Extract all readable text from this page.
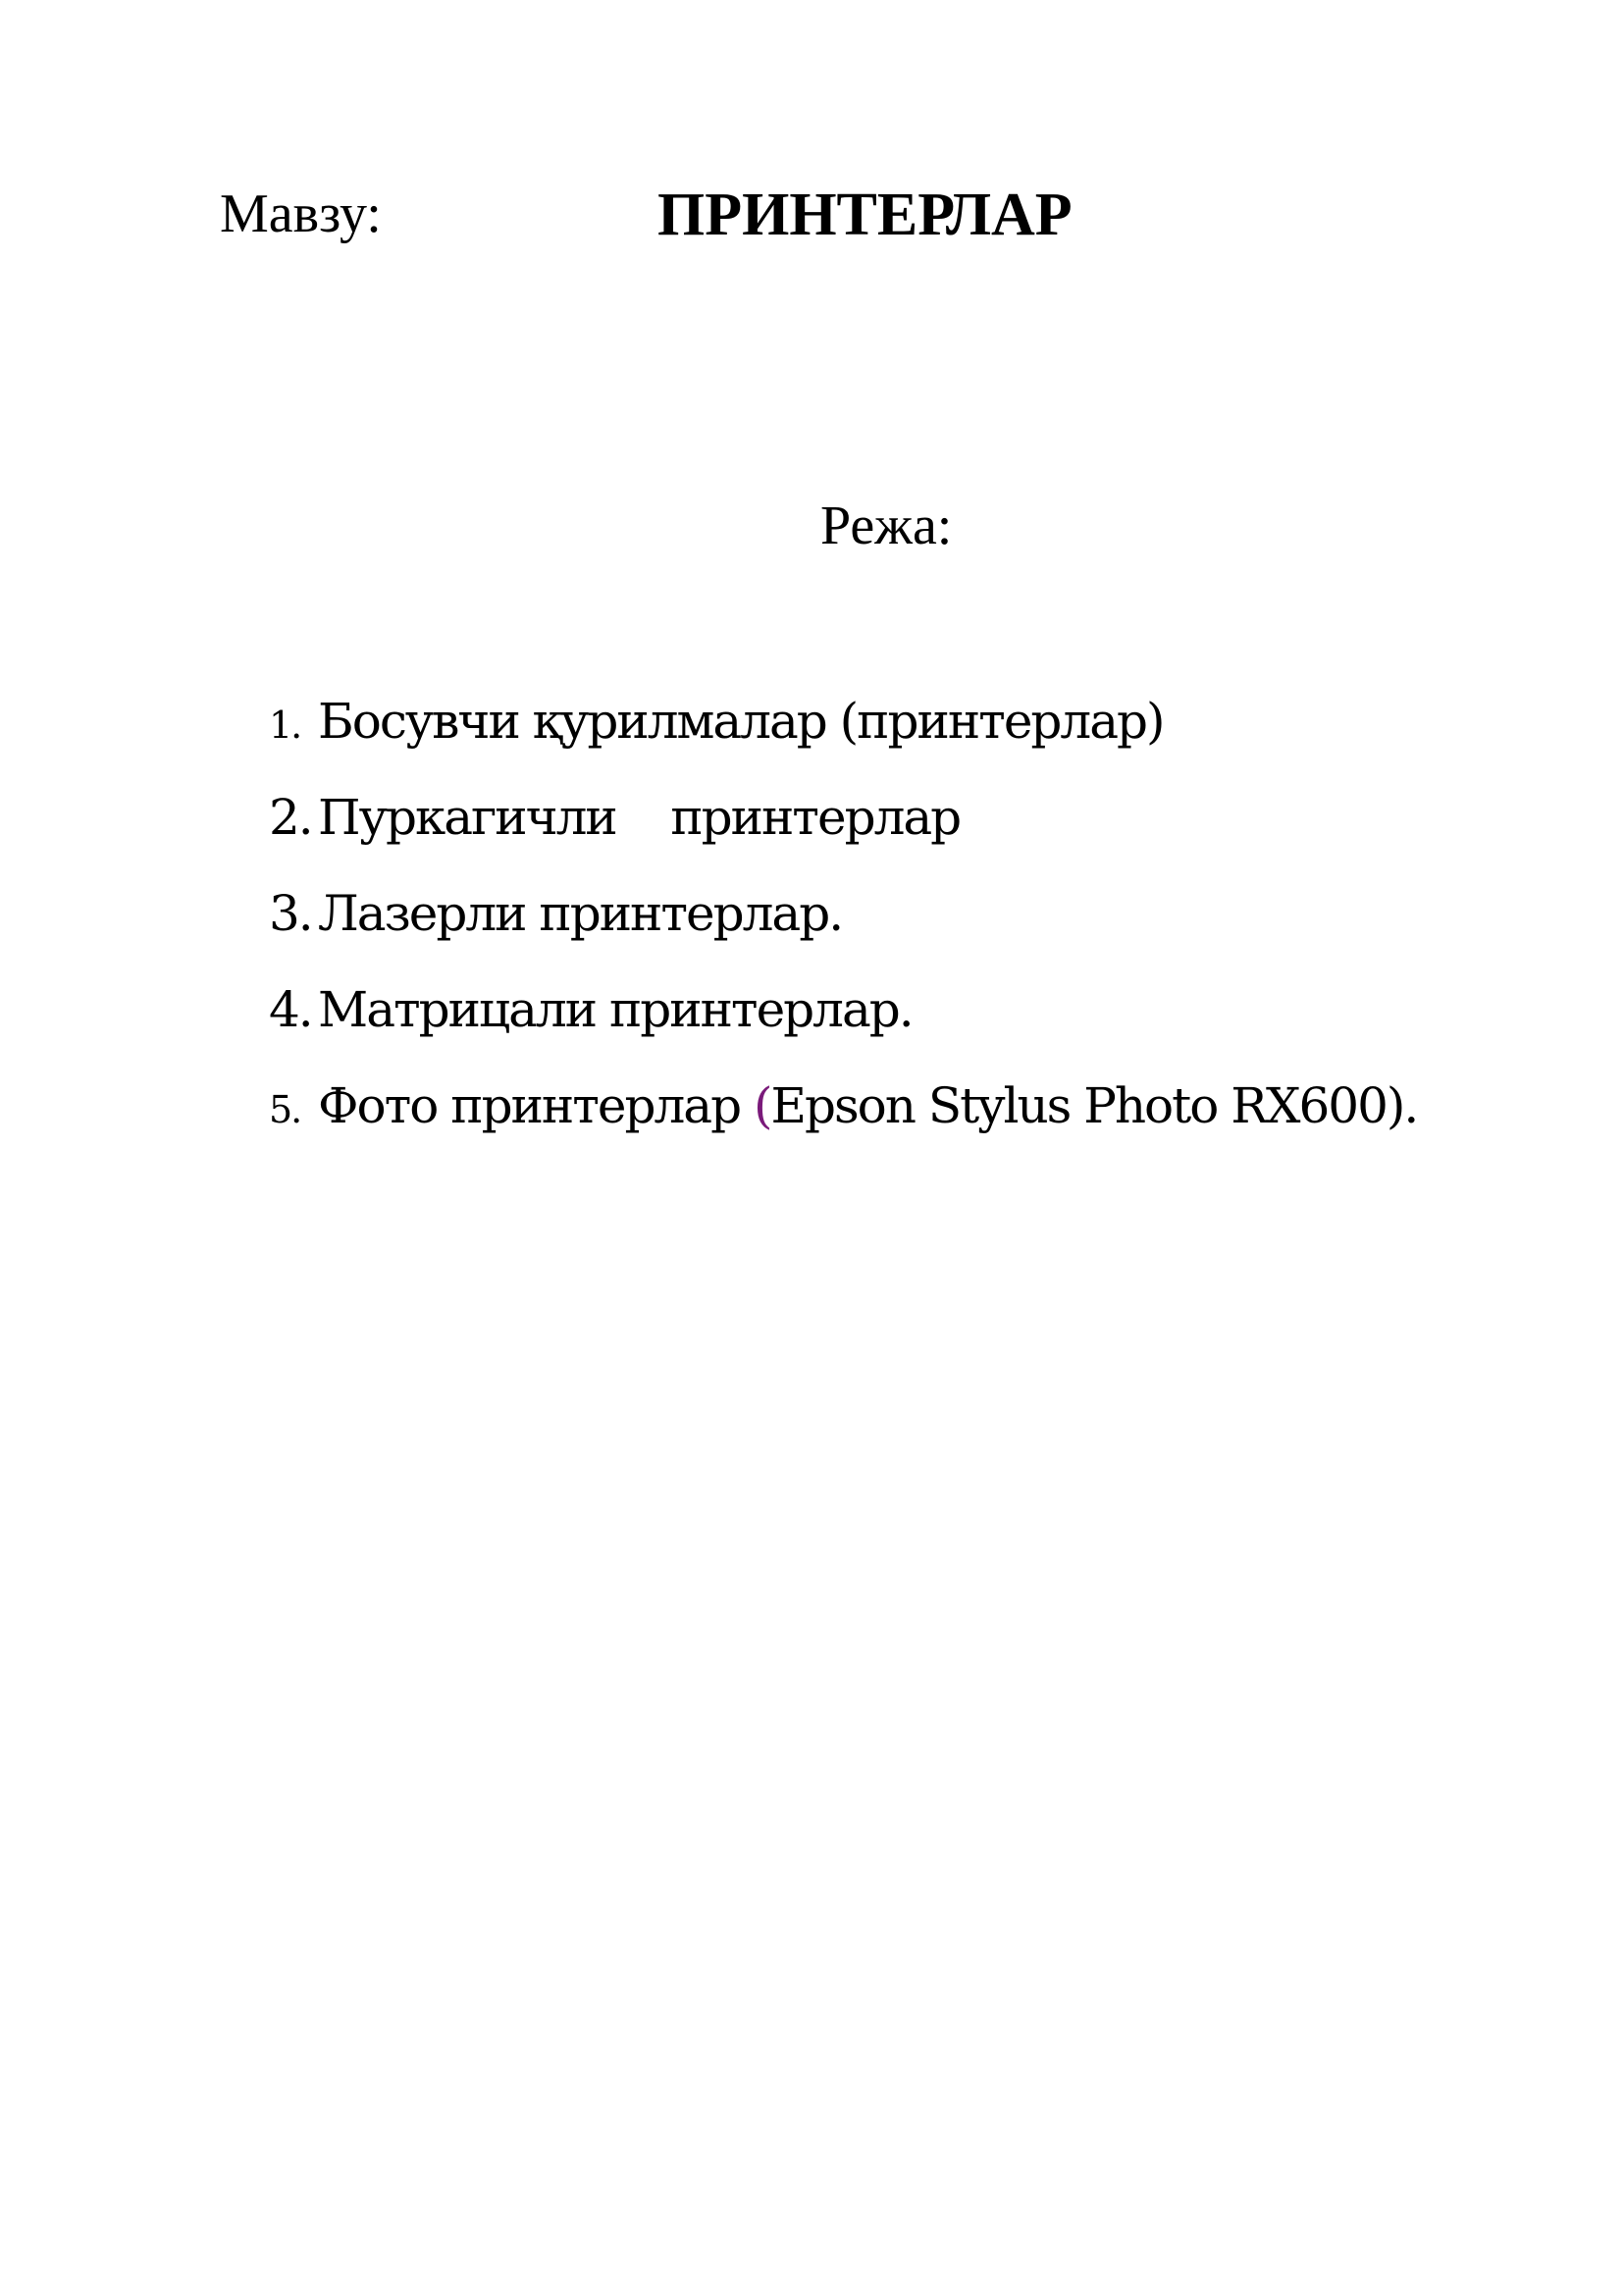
Мавзу:	ПРИНТЕРЛАР
Режа:
1. Босувчи қурилмалар (принтерлар)
2. Пуркагичли    принтерлар
3. Лазерли принтерлар.
4. Матрицали принтерлар.
5. Фото принтерлар (Epson Stylus Photo RX600).
